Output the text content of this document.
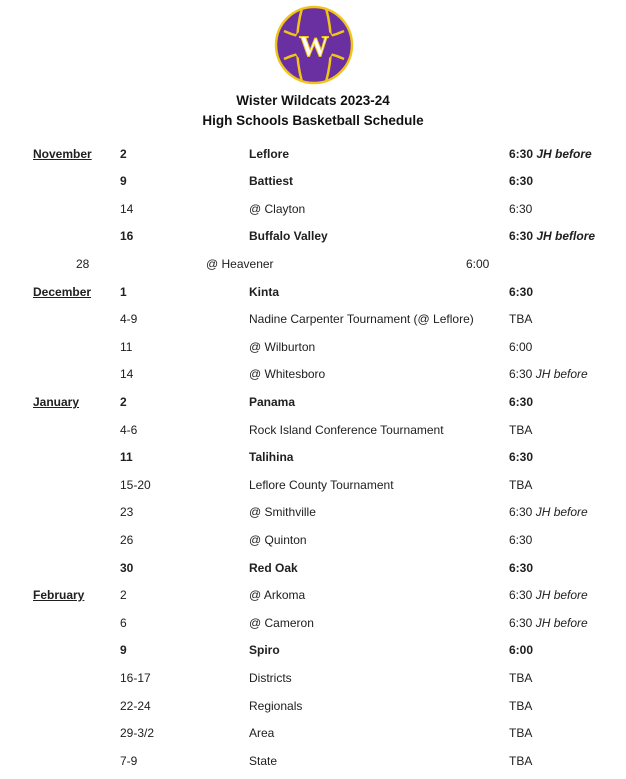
W
Wister Wildcats 2023-24
High Schools Basketball Schedule
November 2	Leflore	6:30 JH before
9	Battiest	6:30
14	@ Clayton	6:30
16	Buffalo Valley	6:30 JH beflore
28	@ Heavener	6:00
December 1	Kinta	6:30
4-9	Nadine Carpenter Tournament (@ Leflore)	TBA
11	@ Wilburton	6:00
14	@ Whitesboro	6:30 JH before
January	2	Panama	6:30
4-6	Rock Island Conference Tournament	TBA
11	Talihina	6:30
15-20	Leflore County Tournament	TBA
23	@ Smithville	6:30 JH before
26	@ Quinton	6:30
30	Red Oak	6:30
February	2	@ Arkoma	6:30 JH before
6	@ Cameron	6:30 JH before
9	Spiro	6:00
16-17	Districts	TBA
22-24	Regionals	TBA
29-3/2	Area	TBA
7-9	State	TBA
